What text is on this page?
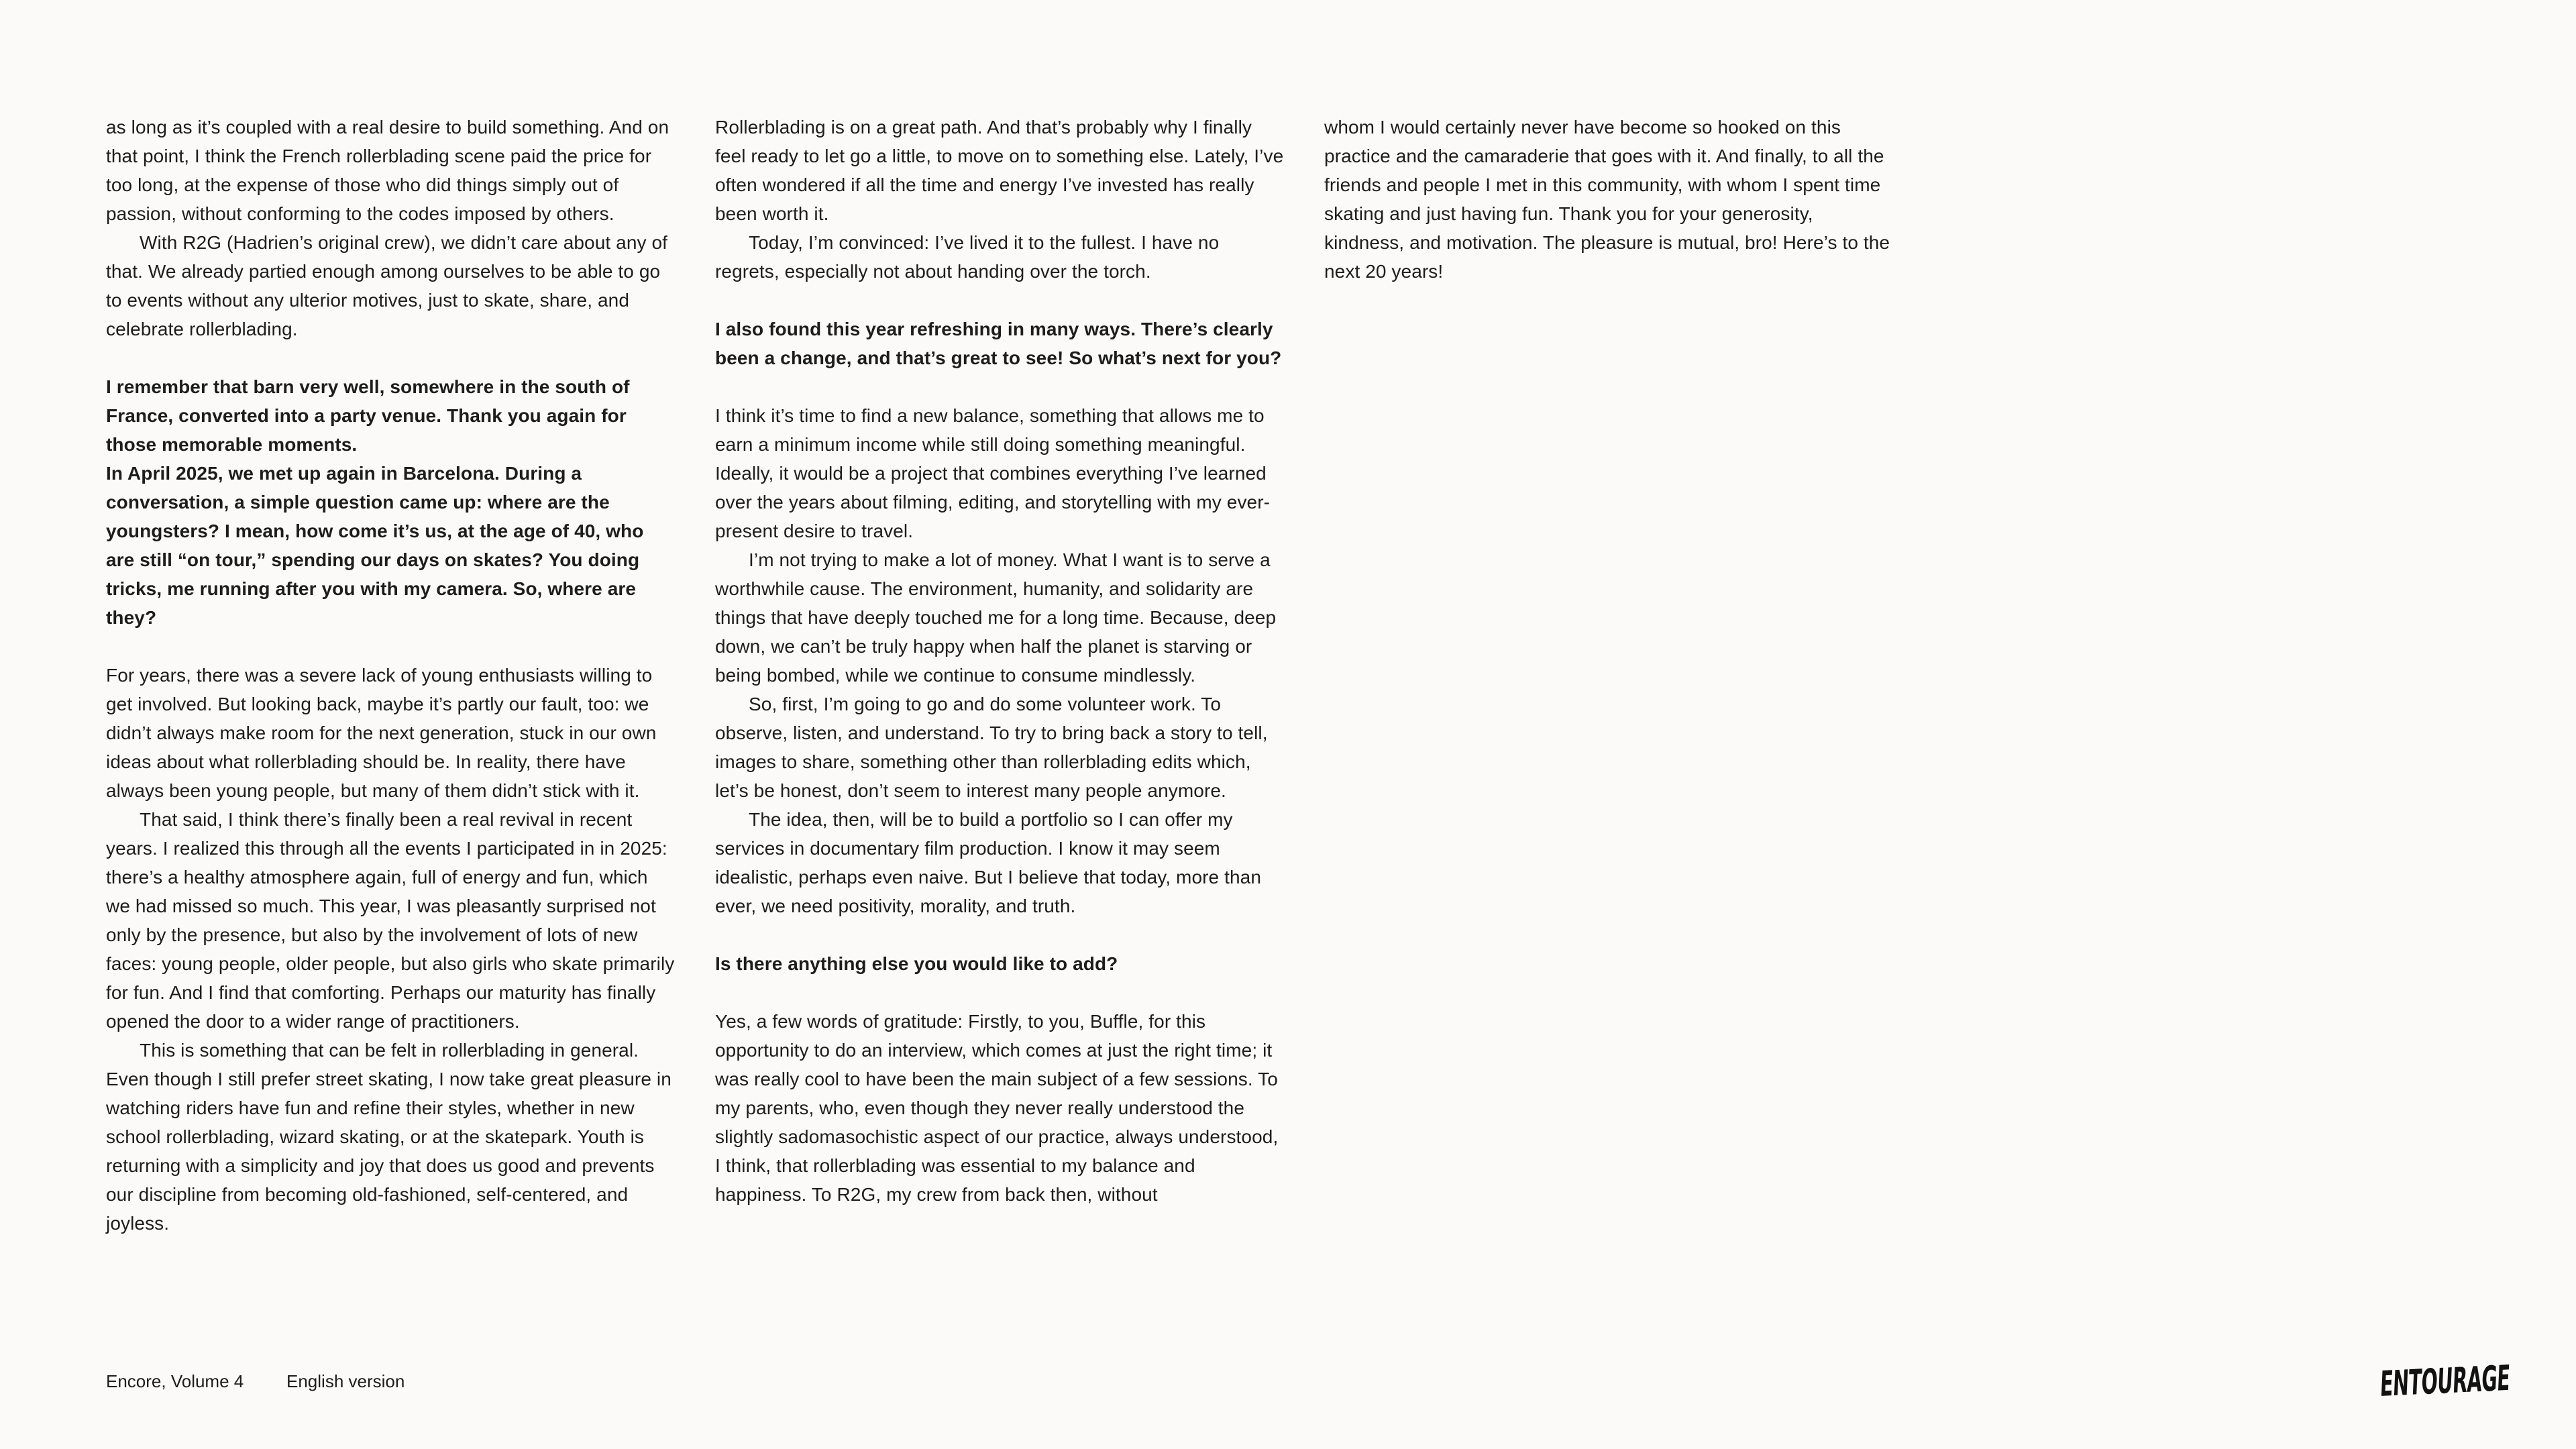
as long as it’s coupled with a real desire to build something. And on that point, I think the French rollerblading scene paid the price for too long, at the expense of those who did things simply out of passion, without conforming to the codes imposed by others.

With R2G (Hadrien’s original crew), we didn’t care about any of that. We already partied enough among ourselves to be able to go to events without any ulterior motives, just to skate, share, and celebrate rollerblading.

I remember that barn very well, somewhere in the south of France, converted into a party venue. Thank you again for those memorable moments.

In April 2025, we met up again in Barcelona. During a conversation, a simple question came up: where are the youngsters? I mean, how come it’s us, at the age of 40, who are still “on tour,” spending our days on skates? You doing tricks, me running after you with my camera. So, where are they?

For years, there was a severe lack of young enthusiasts willing to get involved. But looking back, maybe it’s partly our fault, too: we didn’t always make room for the next generation, stuck in our own ideas about what rollerblading should be. In reality, there have always been young people, but many of them didn’t stick with it.

That said, I think there’s finally been a real revival in recent years. I realized this through all the events I participated in in 2025: there’s a healthy atmosphere again, full of energy and fun, which we had missed so much. This year, I was pleasantly surprised not only by the presence, but also by the involvement of lots of new faces: young people, older people, but also girls who skate primarily for fun. And I find that comforting. Perhaps our maturity has finally opened the door to a wider range of practitioners.

This is something that can be felt in rollerblading in general. Even though I still prefer street skating, I now take great pleasure in watching riders have fun and refine their styles, whether in new school rollerblading, wizard skating, or at the skatepark. Youth is returning with a simplicity and joy that does us good and prevents our discipline from becoming old-fashioned, self-centered, and joyless.

Rollerblading is on a great path. And that’s probably why I finally feel ready to let go a little, to move on to something else. Lately, I’ve often wondered if all the time and energy I’ve invested has really been worth it.

Today, I’m convinced: I’ve lived it to the fullest. I have no regrets, especially not about handing over the torch.

I also found this year refreshing in many ways. There’s clearly been a change, and that’s great to see! So what’s next for you?

I think it’s time to find a new balance, something that allows me to earn a minimum income while still doing something meaningful. Ideally, it would be a project that combines everything I’ve learned over the years about filming, editing, and storytelling with my ever-present desire to travel.

I’m not trying to make a lot of money. What I want is to serve a worthwhile cause. The environment, humanity, and solidarity are things that have deeply touched me for a long time. Because, deep down, we can’t be truly happy when half the planet is starving or being bombed, while we continue to consume mindlessly.

So, first, I’m going to go and do some volunteer work. To observe, listen, and understand. To try to bring back a story to tell, images to share, something other than rollerblading edits which, let’s be honest, don’t seem to interest many people anymore.

The idea, then, will be to build a portfolio so I can offer my services in documentary film production. I know it may seem idealistic, perhaps even naive. But I believe that today, more than ever, we need positivity, morality, and truth.

Is there anything else you would like to add?

Yes, a few words of gratitude: Firstly, to you, Buffle, for this opportunity to do an interview, which comes at just the right time; it was really cool to have been the main subject of a few sessions. To my parents, who, even though they never really understood the slightly sadomasochistic aspect of our practice, always understood, I think, that rollerblading was essential to my balance and happiness. To R2G, my crew from back then, without

whom I would certainly never have become so hooked on this practice and the camaraderie that goes with it. And finally, to all the friends and people I met in this community, with whom I spent time skating and just having fun. Thank you for your generosity, kindness, and motivation. The pleasure is mutual, bro! Here’s to the next 20 years!

Encore, Volume 4 English version	ENTOURAGE
